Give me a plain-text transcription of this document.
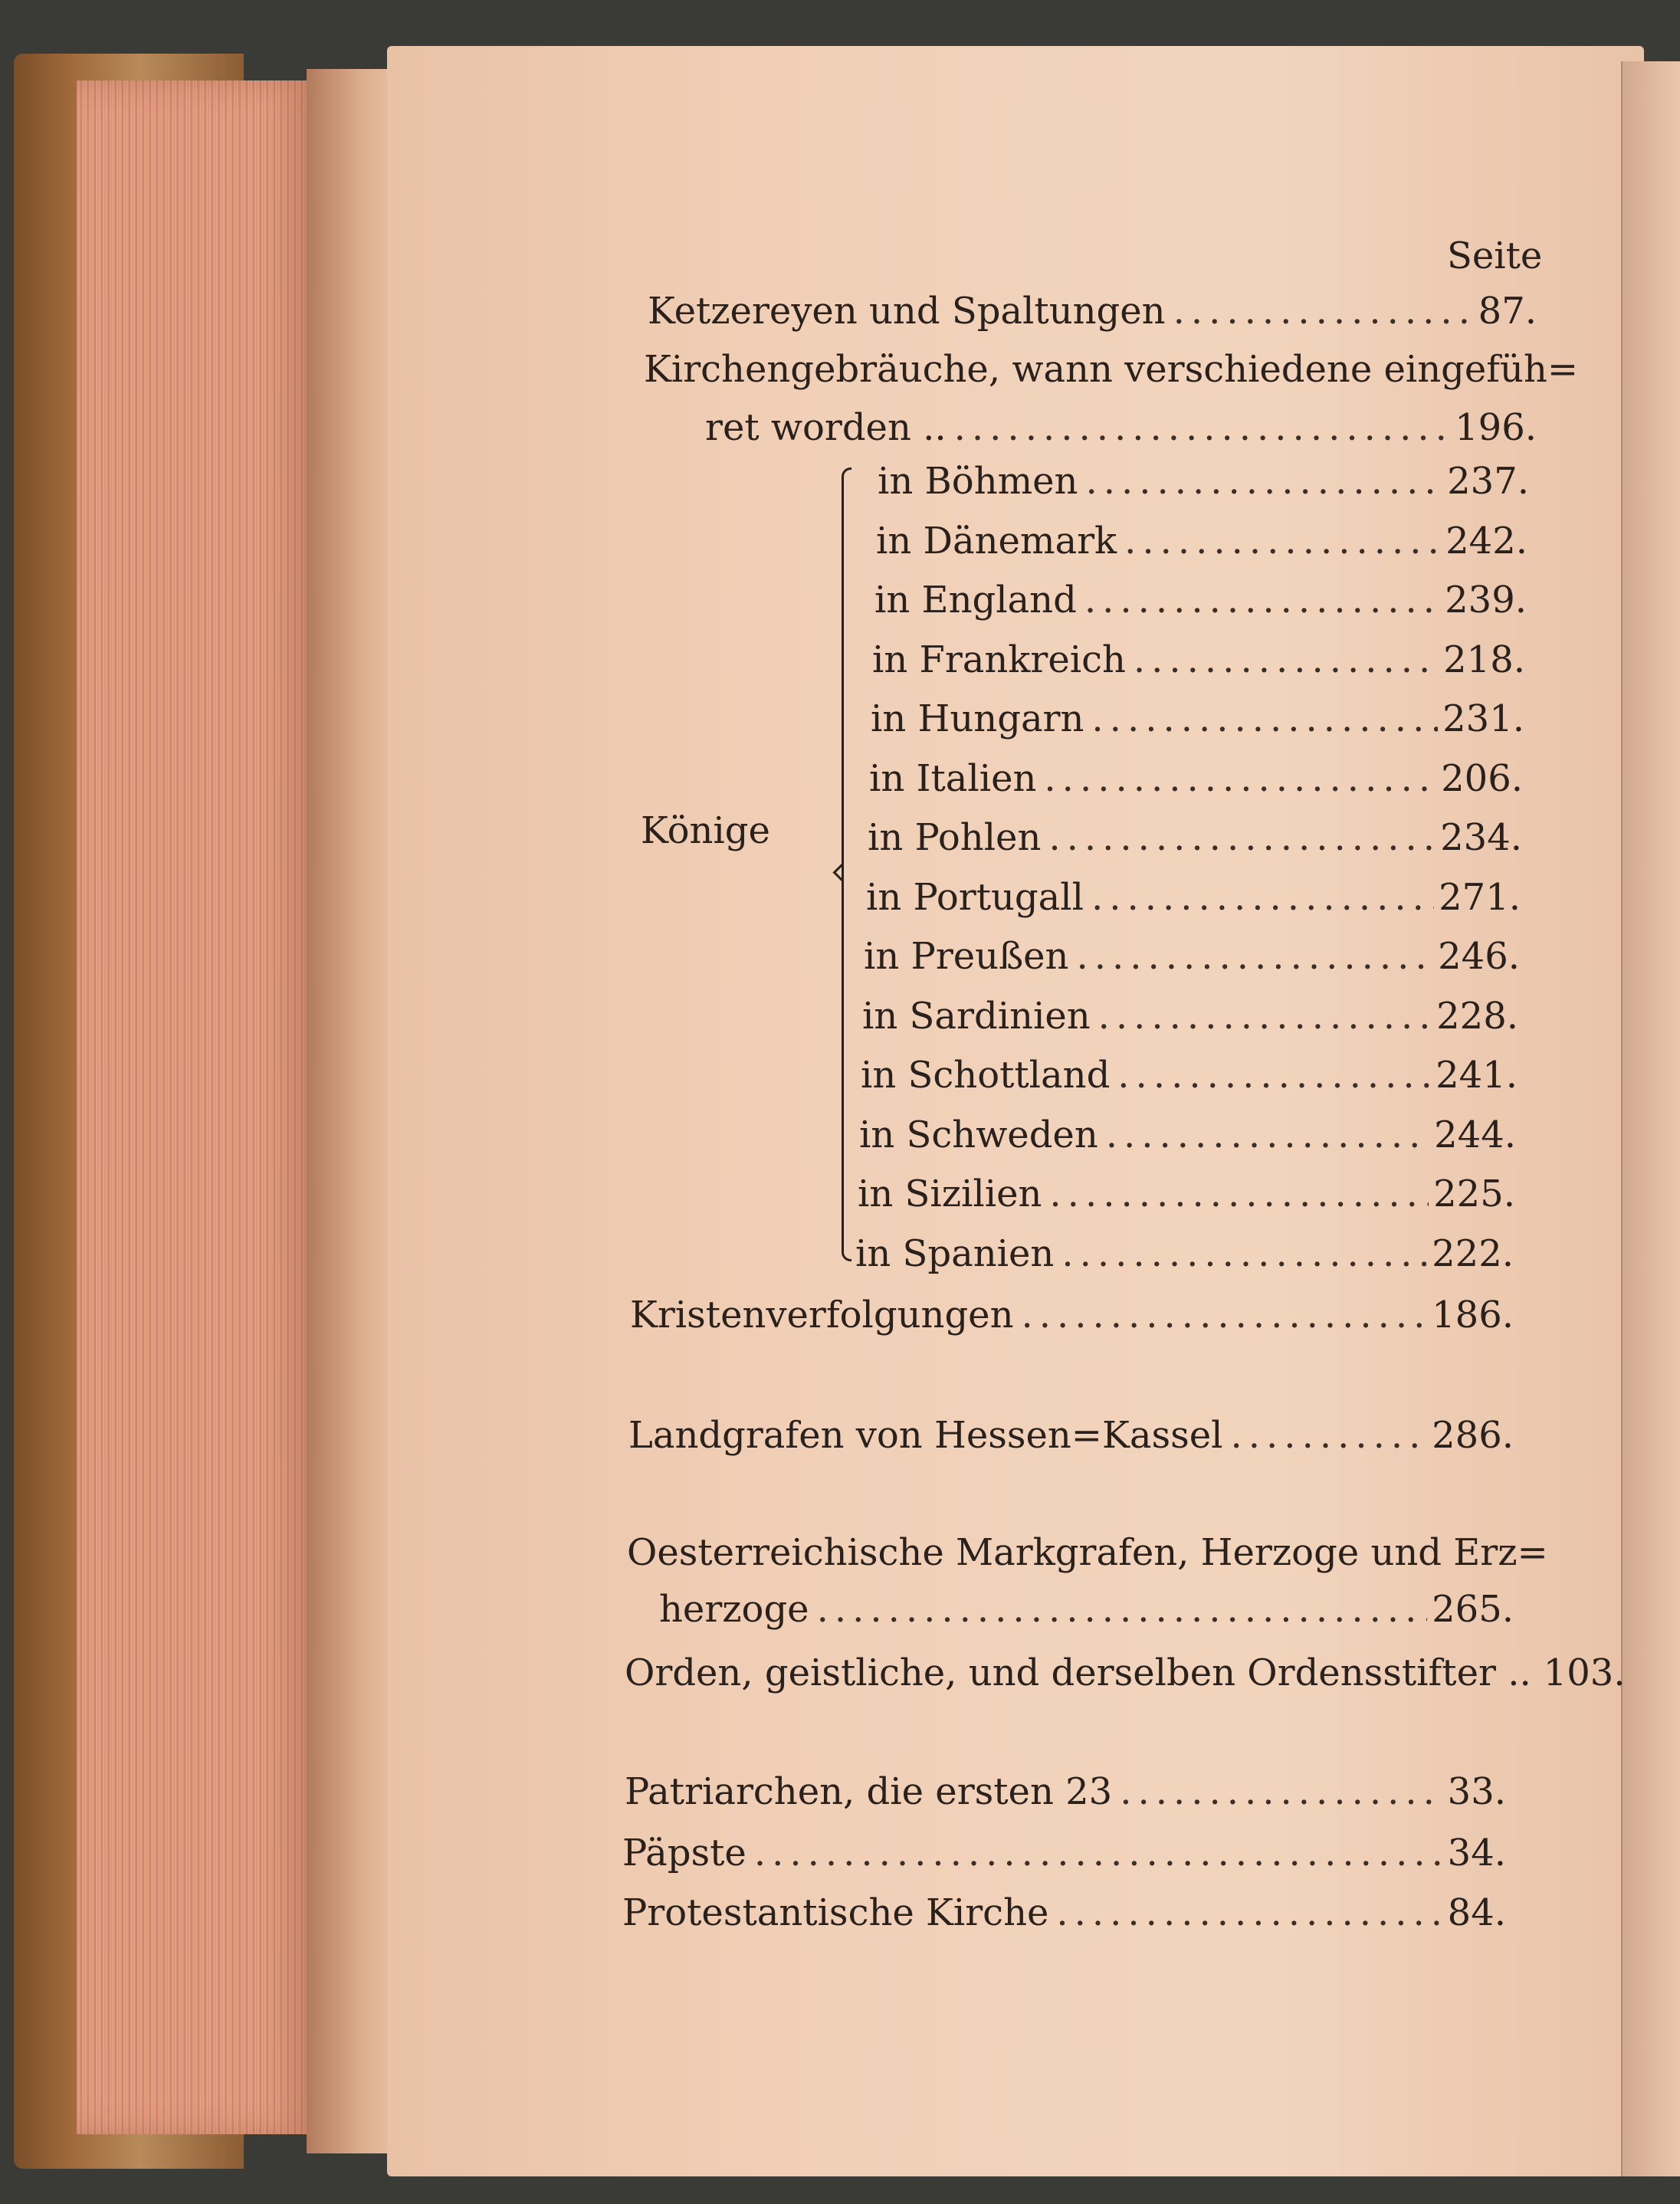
Seite
Ketzereyen und Spaltungen .....	87.
Kirchengebräuche, wann verschiedene eingefüh=
ret worden .. .....	196.
Könige
in Böhmen .....	237.
in Dänemark .....	242.
in England .....	239.
in Frankreich .....	218.
in Hungarn .....	231.
in Italien .....	206.
in Pohlen .....	234.
in Portugall .....	271.
in Preußen .....	246.
in Sardinien .....	228.
in Schottland .....	241.
in Schweden .....	244.
in Sizilien .....	225.
in Spanien .....	222.
Kristenverfolgungen .....	186.
Landgrafen von Hessen=Kassel .....	286.
Oesterreichische Markgrafen, Herzoge und Erz=
herzoge .....	265.
Orden, geistliche, und derselben Ordensstifter .. 103.
Patriarchen, die ersten 23 .....	33.
Päpste .....	34.
Protestantische Kirche .....	84.
